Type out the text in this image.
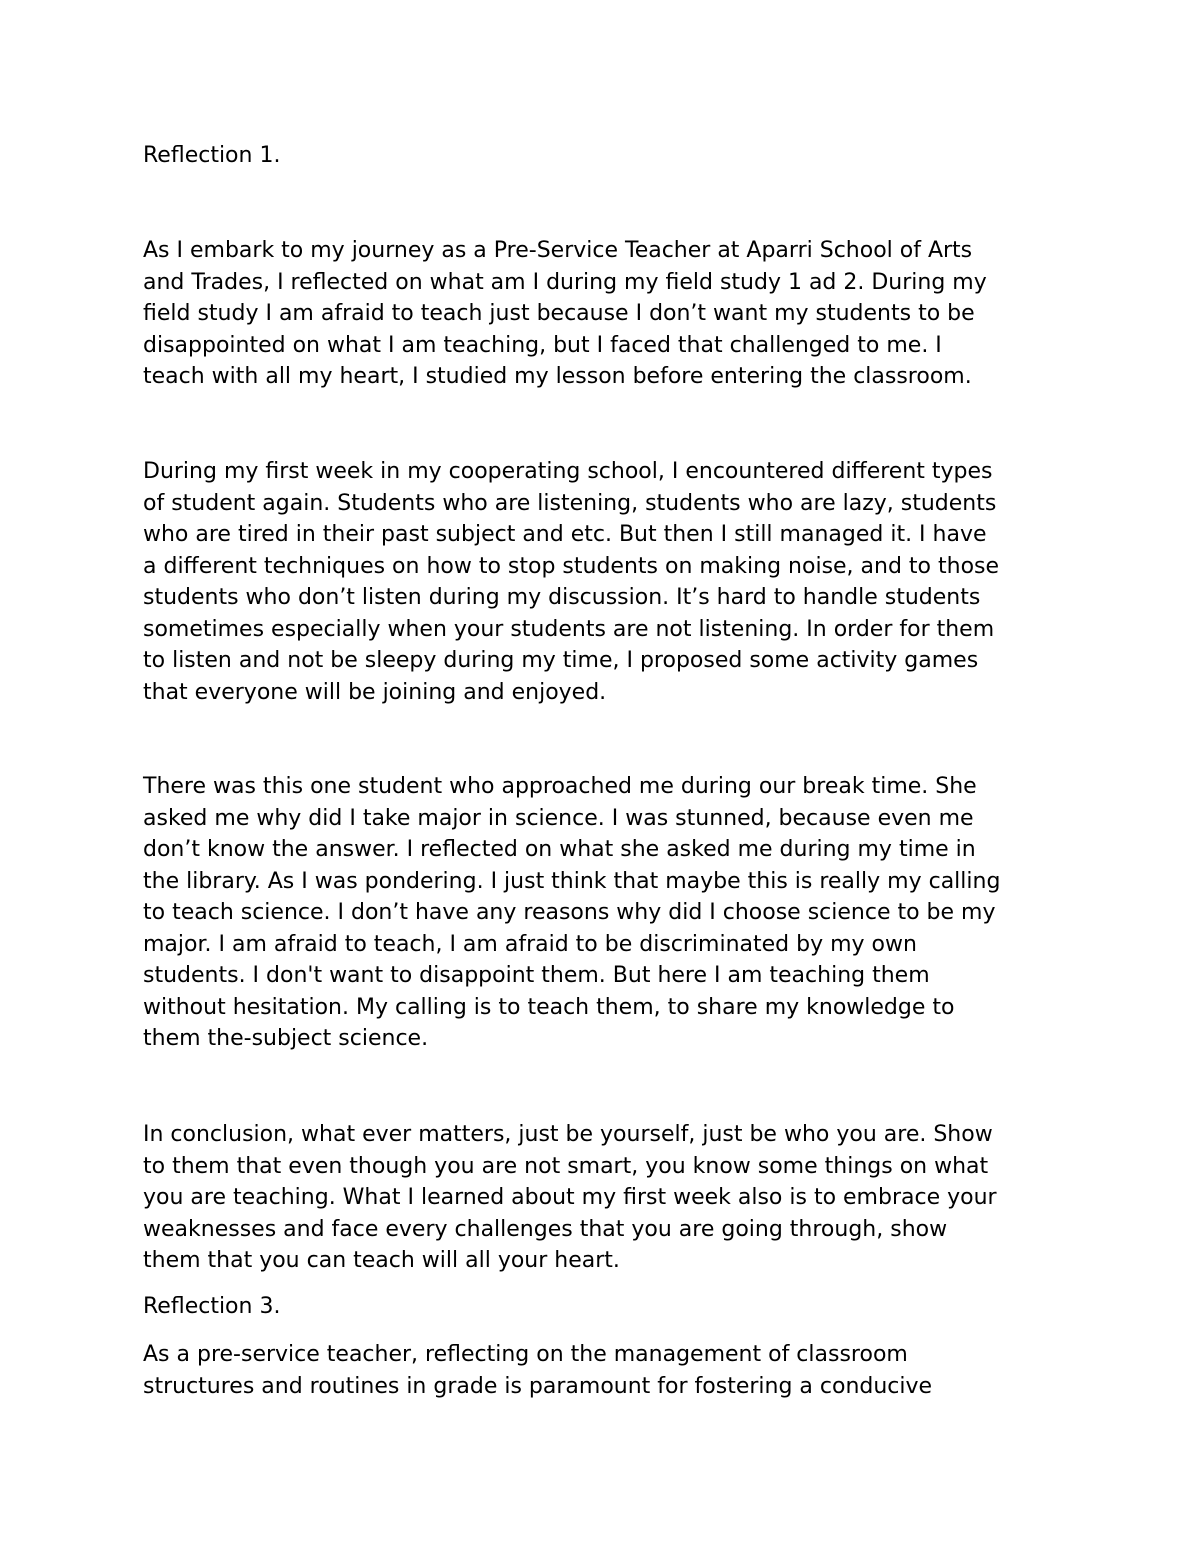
Reflection 1.

As I embark to my journey as a Pre-Service Teacher at Aparri School of Arts
and Trades, I reflected on what am I during my field study 1 ad 2. During my
field study I am afraid to teach just because I don’t want my students to be
disappointed on what I am teaching, but I faced that challenged to me. I
teach with all my heart, I studied my lesson before entering the classroom.

During my first week in my cooperating school, I encountered different types
of student again. Students who are listening, students who are lazy, students
who are tired in their past subject and etc. But then I still managed it. I have
a different techniques on how to stop students on making noise, and to those
students who don’t listen during my discussion. It’s hard to handle students
sometimes especially when your students are not listening. In order for them
to listen and not be sleepy during my time, I proposed some activity games
that everyone will be joining and enjoyed.

There was this one student who approached me during our break time. She
asked me why did I take major in science. I was stunned, because even me
don’t know the answer. I reflected on what she asked me during my time in
the library. As I was pondering. I just think that maybe this is really my calling
to teach science. I don’t have any reasons why did I choose science to be my
major. I am afraid to teach, I am afraid to be discriminated by my own
students. I don't want to disappoint them. But here I am teaching them
without hesitation. My calling is to teach them, to share my knowledge to
them the-subject science.

In conclusion, what ever matters, just be yourself, just be who you are. Show
to them that even though you are not smart, you know some things on what
you are teaching. What I learned about my first week also is to embrace your
weaknesses and face every challenges that you are going through, show
them that you can teach will all your heart.

Reflection 3.

As a pre-service teacher, reflecting on the management of classroom
structures and routines in grade is paramount for fostering a conducive
